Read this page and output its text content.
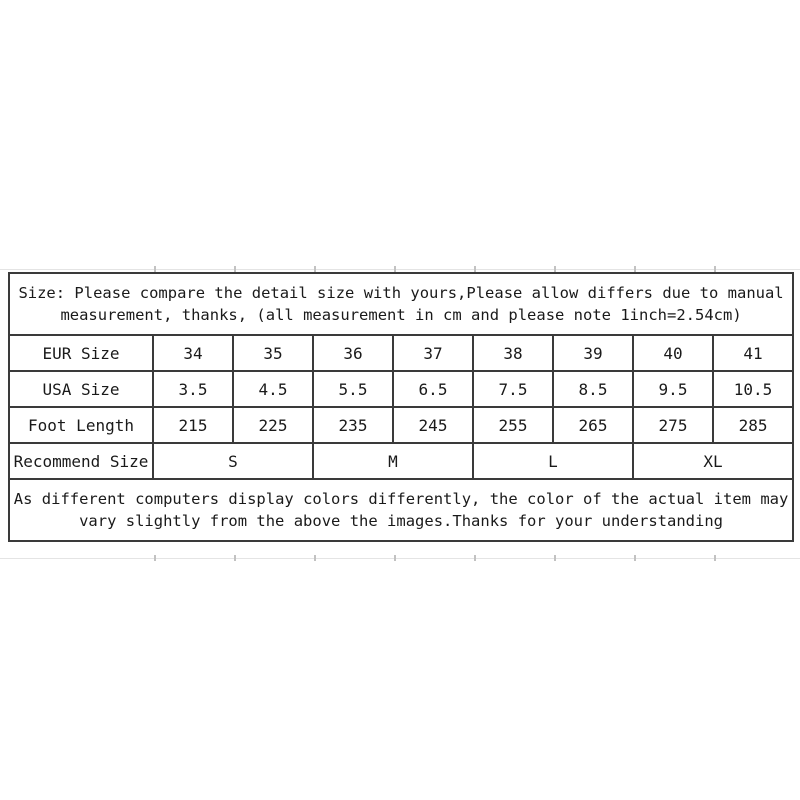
Size: Please compare the detail size with yours,Please allow differs due to manual
measurement, thanks, (all measurement in cm and please note 1inch=2.54cm)								

EUR Size	34	35	36	37	38	39	40	41
USA Size	3.5	4.5	5.5	6.5	7.5	8.5	9.5	10.5
Foot Length	215	225	235	245	255	265	275	285
Recommend Size	S		M		L		XL	

As different computers display colors differently, the color of the actual item may
vary slightly from the above the images.Thanks for your understanding								
